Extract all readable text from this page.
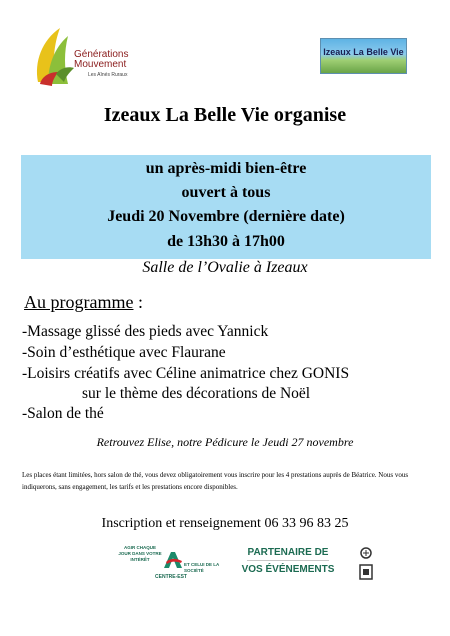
Générations
Mouvement
Les Aînés Ruraux
Izeaux La Belle Vie
Izeaux La Belle Vie organise
un après-midi bien-être
ouvert à tous
Jeudi 20 Novembre (dernière date)
de 13h30 à 17h00
Salle de l’Ovalie à Izeaux
Au programme :
-Massage glissé des pieds avec Yannick
-Soin d’esthétique avec Flaurane
-Loisirs créatifs avec Céline animatrice chez GONIS
sur le thème des décorations de Noël
-Salon de thé
Retrouvez Elise, notre Pédicure le Jeudi 27 novembre
Les places étant limitées, hors salon de thé, vous devez obligatoirement vous inscrire pour les 4 prestations auprès de Béatrice. Nous vous indiquerons, sans engagement, les tarifs et les prestations encore disponibles.
Inscription et renseignement 06 33 96 83 25
AGIR CHAQUE JOUR DANS VOTRE INTÉRÊT
ET CELUI DE LA SOCIÉTÉ
CENTRE-EST
PARTENAIRE DE
VOS ÉVÉNEMENTS
